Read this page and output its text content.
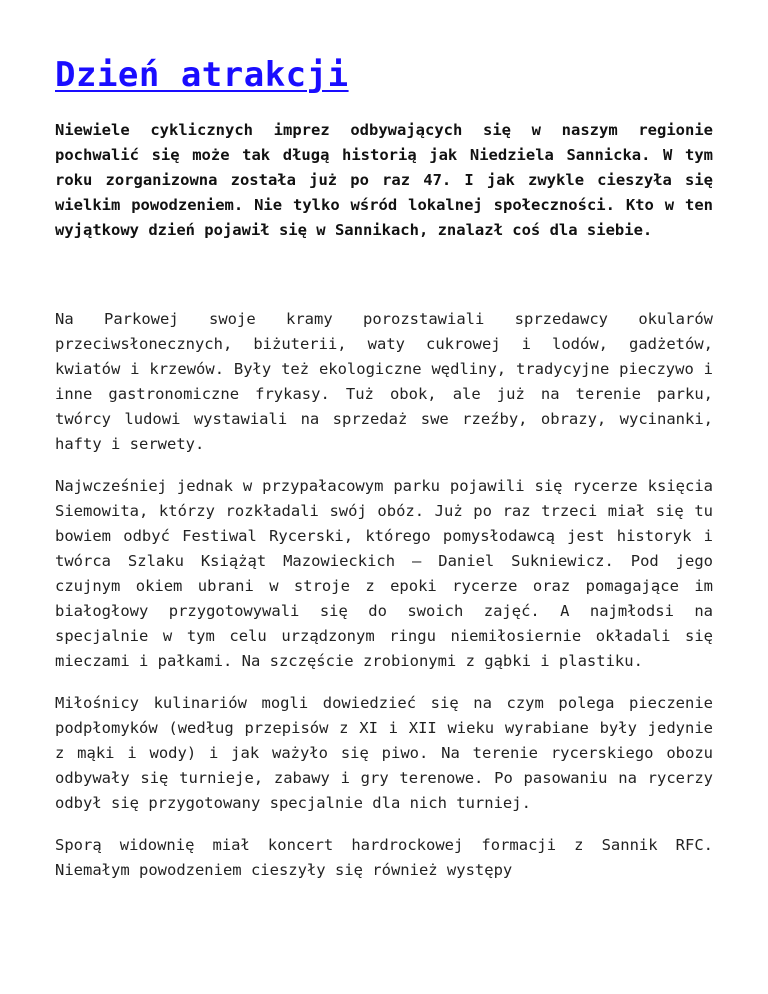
Dzień atrakcji

Niewiele cyklicznych imprez odbywających się w naszym regionie pochwalić się może tak długą historią jak Niedziela Sannicka. W tym roku zorganizowna została już po raz 47. I jak zwykle cieszyła się wielkim powodzeniem. Nie tylko wśród lokalnej społeczności. Kto w ten wyjątkowy dzień pojawił się w Sannikach, znalazł coś dla siebie.

Na Parkowej swoje kramy porozstawiali sprzedawcy okularów przeciwsłonecznych, biżuterii, waty cukrowej i lodów, gadżetów, kwiatów i krzewów. Były też ekologiczne wędliny, tradycyjne pieczywo i inne gastronomiczne frykasy. Tuż obok, ale już na terenie parku, twórcy ludowi wystawiali na sprzedaż swe rzeźby, obrazy, wycinanki, hafty i serwety.

Najwcześniej jednak w przypałacowym parku pojawili się rycerze księcia Siemowita, którzy rozkładali swój obóz. Już po raz trzeci miał się tu bowiem odbyć Festiwal Rycerski, którego pomysłodawcą jest historyk i twórca Szlaku Książąt Mazowieckich – Daniel Sukniewicz. Pod jego czujnym okiem ubrani w stroje z epoki rycerze oraz pomagające im białogłowy przygotowywali się do swoich zajęć. A najmłodsi na specjalnie w tym celu urządzonym ringu niemiłosiernie okładali się mieczami i pałkami. Na szczęście zrobionymi z gąbki i plastiku.

Miłośnicy kulinariów mogli dowiedzieć się na czym polega pieczenie podpłomyków (według przepisów z XI i XII wieku wyrabiane były jedynie z mąki i wody) i jak ważyło się piwo. Na terenie rycerskiego obozu odbywały się turnieje, zabawy i gry terenowe. Po pasowaniu na rycerzy odbył się przygotowany specjalnie dla nich turniej.

Sporą widownię miał koncert hardrockowej formacji z Sannik RFC. Niemałym powodzeniem cieszyły się również występy
